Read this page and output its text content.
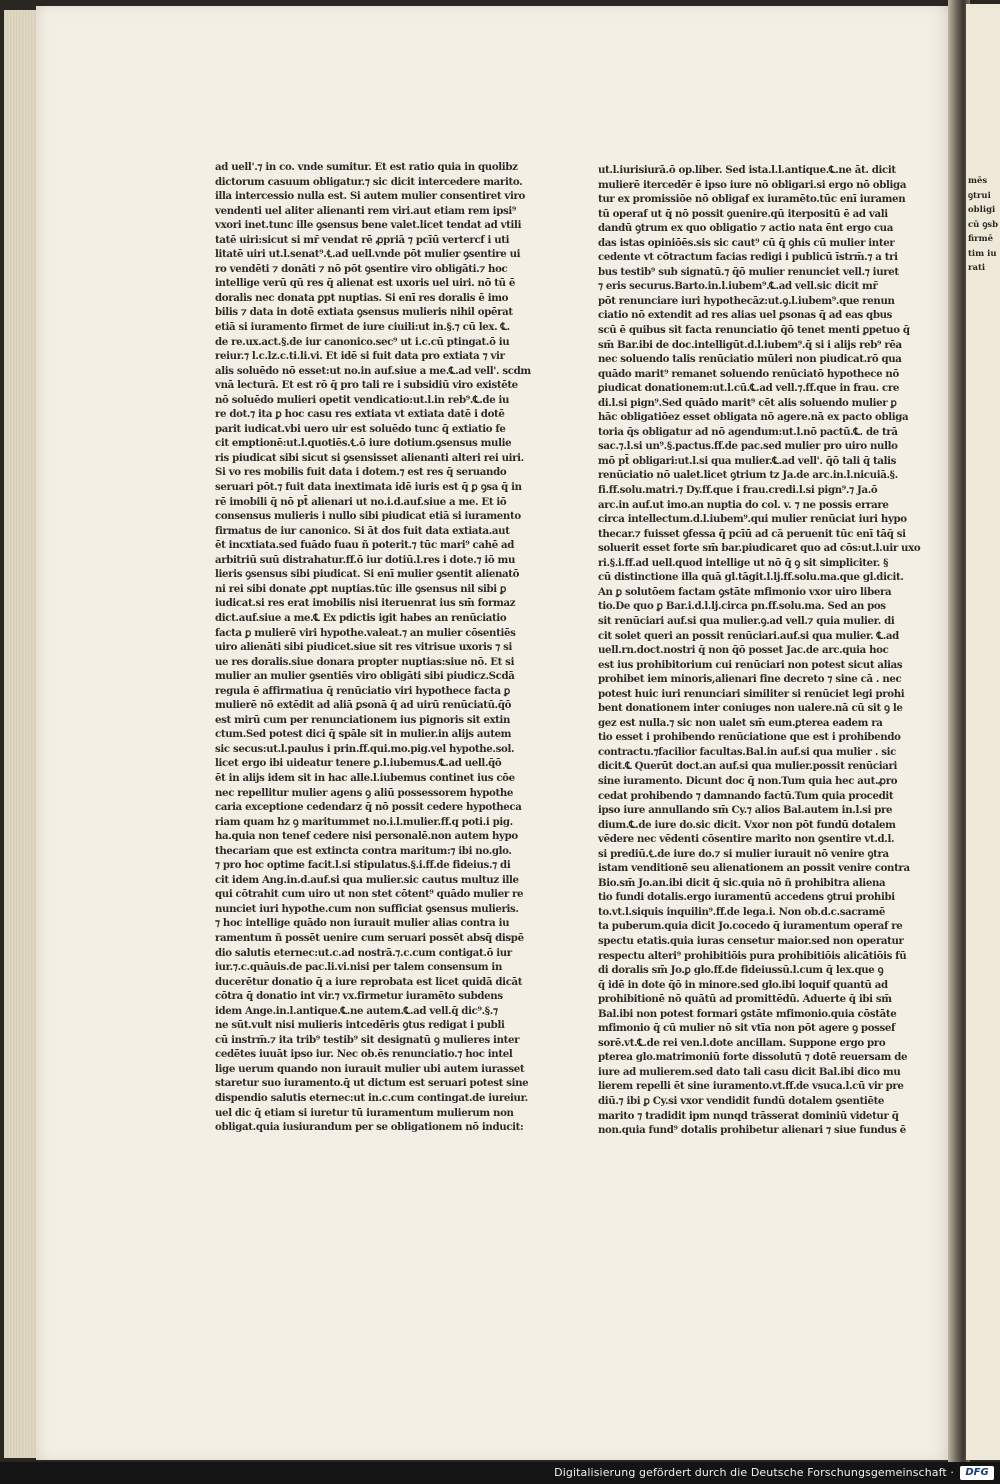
mēs
ꝯtrui
obligi
cū ꝯsb
firmē
tim iu
rati
ad uell'.⁊ in co. vnde sumitur. Et est ratio quia in quolibz
dictorum casuum obligatur.⁊ sic dicit intercedere marito.
illa intercessio nulla est. Si autem mulier consentiret viro
vendenti uel aliter alienanti rem viri.aut etiam rem ipsi⁹
vxori inet.tunc ille ꝯsensus bene valet.licet tendat ad vtili
tatē uiri:sicut si mr̄ vendat rē ꝓpriā ⁊ pcīū vertercf i uti
litatē uiri ut.l.senat⁹.℄.ad uell.vnde pōt mulier ꝯsentire ui
ro vendēti ⁊ donāti ⁊ nō pōt ꝯsentire viro obligāti.⁊ hoc
intellige verū qū res q̄ alienat est uxoris uel uiri. nō tū ē
doralis nec donata ꝑpt nuptias. Si enī res doralis ē imo
bilis ⁊ data in dotē extiata ꝯsensus mulieris nihil opērat
etiā si iuramento firmet de iure ciuili:ut in.§.⁊ cū lex. ℄.
de re.ux.act.§.de iur canonico.sec⁹ ut i.c.cū ptingat.ō iu
reiur.⁊ l.c.lz.c.ti.li.vi. Et idē si fuit data pro extiata ⁊ vir
alis soluēdo nō esset:ut no.in auf.siue a me.℄.ad vell'. scdm
vnā lecturā. Et est rō q̄ pro tali re i subsidiū viro existēte
nō soluēdo mulieri opetit vendicatio:ut.l.in reb⁹.℄.de iu
re dot.⁊ ita ꝑ hoc casu res extiata vt extiata datē i dotē
parit iudicat.vbi uero uir est soluēdo tunc q̄ extiatio fe
cit emptionē:ut.l.quotiēs.℄.ō iure dotium.ꝯsensus mulie
ris piudicat sibi sicut si ꝯsensisset alienanti alteri rei uiri.
Si vo res mobilis fuit data i dotem.⁊ est res q̄ seruando
seruari pōt.⁊ fuit data inextimata idē iuris est q̄ ꝑ ꝯsa q̄ in
rē imobili q̄ nō pt̄ alienari ut no.i.d.auf.siue a me. Et iō
consensus mulieris i nullo sibi piudicat etiā si iuramento
firmatus de iur canonico. Si āt dos fuit data extiata.aut
ēt incxtiata.sed fuādo fuau ñ poterit.⁊ tūc mari⁹ cahē ad
arbitriū suū distrahatur.ff.ō iur dotiū.l.res i dote.⁊ iō mu
lieris ꝯsensus sibi piudicat. Si enī mulier ꝯsentit alienatō
ni rei sibi donate ꝓpt nuptias.tūc ille ꝯsensus nil sibi ꝑ
iudicat.si res erat imobilis nisi iteruenrat ius sm̄ formaz
dict.auf.siue a me.℄ Ex pdictis igit habes an renūciatio
facta ꝑ mulierē viri hypothe.valeat.⁊ an mulier cōsentiēs
uiro alienāti sibi piudicet.siue sit res vitrisue uxoris ⁊ si
ue res doralis.siue donara propter nuptias:siue nō. Et si
mulier an mulier ꝯsentiēs viro obligāti sibi piudicz.Scdā
regula ē affirmatiua q̄ renūciatio viri hypothece facta ꝑ
mulierē nō extēdit ad aliā ꝑsonā q̄ ad uirū renūciatū.q̄ō
est mirū cum per renunciationem ius pignoris sit extin
ctum.Sed potest dici q̄ spāle sit in mulier.in alijs autem
sic secus:ut.l.paulus i prin.ff.qui.mo.pig.vel hypothe.sol.
licet ergo ibi uideatur tenere ꝑ.l.iubemus.℄.ad uell.q̄ō
ēt in alijs idem sit in hac alle.l.iubemus continet ius cōe
nec repellitur mulier agens ꝯ aliū possessorem hypothe
caria exceptione cedendarz q̄ nō possit cedere hypotheca
riam quam hz ꝯ maritummet no.i.l.mulier.ff.q poti.i pig.
ha.quia non tenef cedere nisi personalē.non autem hypo
thecariam que est extincta contra maritum:⁊ ibi no.glo.
⁊ pro hoc optime facit.l.si stipulatus.§.i.ff.de fideius.⁊ di
cit idem Ang.in.d.auf.si qua mulier.sic cautus multuz ille
qui cōtrahit cum uiro ut non stet cōtent⁹ quādo mulier re
nunciet iuri hypothe.cum non sufficiat ꝯsensus mulieris.
⁊ hoc intellige quādo non iurauit mulier alias contra iu
ramentum ñ possēt uenire cum seruari possēt absq̄ dispē
dio salutis eternec:ut.c.ad nostrā.⁊.c.cum contigat.ō iur
iur.⁊.c.quāuis.de pac.li.vi.nisi per talem consensum in
ducerētur donatio q̄ a iure reprobata est licet quidā dicāt
cōtra q̄ donatio int vir.⁊ vx.firmetur iuramēto subdens
idem Ange.in.l.antique.℄.ne autem.℄.ad vell.q̄ dic⁹.§.⁊
ne sūt.vult nisi mulieris intcedēris ꝯtus redigat i publi
cū instrm̄.⁊ ita trib⁹ testib⁹ sit designatū ꝯ mulieres inter
cedētes iuuāt ipso iur. Nec ob.ēs renunciatio.⁊ hoc intel
lige uerum quando non iurauit mulier ubi autem iurasset
staretur suo iuramento.q̄ ut dictum est seruari potest sine
dispendio salutis eternec:ut in.c.cum contingat.de iureiur.
uel dic q̄ etiam si iuretur tū iuramentum mulierum non
obligat.quia iusiurandum per se obligationem nō inducit:
ut.l.iurisiurā.ō op.liber. Sed ista.l.l.antique.℄.ne āt. dicit
mulierē itercedēr ē ipso iure nō obligari.si ergo nō obliga
tur ex promissiōe nō obligaf ex iuramēto.tūc enī iuramen
tū operaf ut q̄ nō possit ꝯuenire.qū iterpositū ē ad vali
dandū ꝯtrum ex quo obligatio ⁊ actio nata ēnt ergo cua
das istas opiniōēs.sis sic caut⁹ cū q̄ ꝯhis cū mulier inter
cedente vt cōtractum facias redigi i publicū īstrm̄.⁊ a tri
bus testib⁹ sub signatū.⁊ q̄ō mulier renunciet vell.⁊ iuret
⁊ eris securus.Barto.in.l.iubem⁹.℄.ad vell.sic dicit mr̄
pōt renunciare iuri hypothecāz:ut.ꝯ.l.iubem⁹.que renun
ciatio nō extendit ad res alias uel ꝑsonas q̄ ad eas qbus
scū ē quibus sit facta renunciatio q̄ō tenet menti ꝑpetuo q̄
sm̄ Bar.ibi de doc.intelligūt.d.l.iubem⁹.q̄ si i alijs reb⁹ rēa
nec soluendo talis renūciatio mūleri non piudicat.rō qua
quādo marit⁹ remanet soluendo renūciatō hypothece nō
ꝑiudicat donationem:ut.l.cū.℄.ad vell.⁊.ff.que in frau. cre
di.l.si pign⁹.Sed quādo marit⁹ cēt alis soluendo mulier ꝑ
hāc obligatiōez esset obligata nō agere.nā ex pacto obliga
toria q̄s obligatur ad nō agendum:ut.l.nō pactū.℄. de trā
sac.⁊.l.si un⁹.§.pactus.ff.de pac.sed mulier pro uiro nullo
mō pt̄ obligari:ut.l.si qua mulier.℄.ad vell'. q̄ō tali q̄ talis
renūciatio nō ualet.licet ꝯtrium tz Ja.de arc.in.l.nicuiā.§.
fi.ff.solu.matri.⁊ Dy.ff.que i frau.credi.l.si pign⁹.⁊ Ja.ō
arc.in auf.ut imo.an nuptia do col. v. ⁊ ne possis errare
circa intellectum.d.l.iubem⁹.qui mulier renūciat iuri hypo
thecar.⁊ fuisset ꝯfessa q̄ pcīū ad cā peruenit tūc enī tāq̄ si
soluerit esset forte sm̄ bar.piudicaret quo ad cōs:ut.l.uir uxo
ri.§.i.ff.ad uell.quod intellige ut nō q̄ ꝯ sit simpliciter. §
cū distinctione illa quā gl.tāgit.l.lj.ff.solu.ma.que gl.dicit.
An ꝑ solutōem factam ꝯstāte mfimonio vxor uiro libera
tio.De quo ꝑ Bar.i.d.l.lj.circa pn.ff.solu.ma. Sed an pos
sit renūciari auf.si qua mulier.ꝯ.ad vell.⁊ quia mulier. di
cit solet queri an possit renūciari.auf.si qua mulier. ℄.ad
uell.rn.doct.nostri q̄ non q̄ō posset Jac.de arc.quia hoc
est ius prohibitorium cui renūciari non potest sicut alias
prohibet iem minoris,alienari fine decreto ⁊ sine cā . nec
potest huic iuri renunciari similiter si renūciet legi prohi
bent donationem inter coniuges non ualere.nā cū sit ꝯ le
gez est nulla.⁊ sic non ualet sm̄ eum.ꝑterea eadem ra
tio esset i prohibendo renūciatione que est i prohibendo
contractu.⁊facilior facultas.Bal.in auf.si qua mulier . sic
dicit.℄ Querūt doct.an auf.si qua mulier.possit renūciari
sine iuramento. Dicunt doc q̄ non.Tum quia hec aut.ꝓro
cedat prohibendo ⁊ damnando factū.Tum quia procedit
ipso iure annullando sm̄ Cy.⁊ alios Bal.autem in.l.si pre
dium.℄.de iure do.sic dicit. Vxor non pōt fundū dotalem
vēdere nec vēdenti cōsentire marito non ꝯsentire vt.d.l.
si prediū.℄.de iure do.⁊ si mulier iurauit nō venire ꝯtra
istam venditionē seu alienationem an possit venire contra
Bio.sm̄ Jo.an.ibi dicit q̄ sic.quia nō ñ prohibitra aliena
tio fundi dotalis.ergo iuramentū accedens ꝯtrui prohibi
to.vt.l.siquis inquilin⁹.ff.de lega.i. Non ob.d.c.sacramē
ta puberum.quia dicit Jo.cocedo q̄ iuramentum operaf re
spectu etatis.quia iuras censetur maior.sed non operatur
respectu alteri⁹ prohibitiōis pura prohibitiōis alicātiōis fū
di doralis sm̄ Jo.ꝑ glo.ff.de fideiussū.l.cum q̄ lex.que ꝯ
q̄ idē in dote q̄ō in minore.sed glo.ibi loquif quantū ad
prohibitionē nō quātū ad promittēdū. Aduerte q̄ ibi sm̄
Bal.ibi non potest formari ꝯstāte mfimonio.quia cōstāte
mfimonio q̄ cū mulier nō sit vtīa non pōt agere ꝯ possef
sorē.vt.℄.de rei ven.l.dote ancillam. Suppone ergo pro
pterea glo.matrimoniū forte dissolutū ⁊ dotē reuersam de
iure ad mulierem.sed dato tali casu dicit Bal.ibi dico mu
lierem repelli ēt sine iuramento.vt.ff.de vsuca.l.cū vir pre
diū.⁊ ibi ꝑ Cy.si vxor vendidit fundū dotalem ꝯsentiēte
marito ⁊ tradidit ipm nunqd trāsserat dominiū videtur q̄
non.quia fund⁹ dotalis prohibetur alienari ⁊ siue fundus ē
Digitalisierung gefördert durch die Deutsche Forschungsgemeinschaft ·	DFG
